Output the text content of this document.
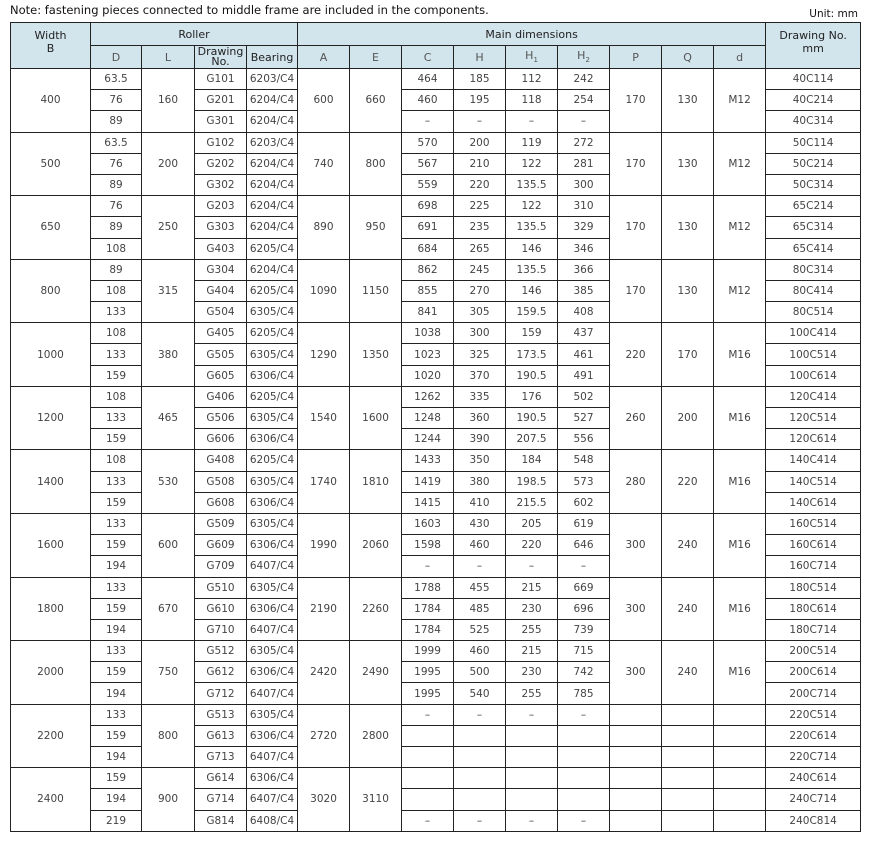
Note: fastening pieces connected to middle frame are included in the components.	Unit: mm
Width
B	Roller				Main dimensions									Drawing No.
mm
	D	L	Drawing No.	Bearing	A	E	C	H	$H_1$	$H_2$	P	Q	d	
400	63.5	160	G101	6203/C4	600	660	464	185	112	242	170	130	M12	40C114
	76		G201	6204/C4			460	195	118	254				40C214
	89		G301	6204/C4			–	–	–	–				40C314
500	63.5	200	G102	6203/C4	740	800	570	200	119	272	170	130	M12	50C114
	76		G202	6204/C4			567	210	122	281				50C214
	89		G302	6204/C4			559	220	135.5	300				50C314
650	76	250	G203	6204/C4	890	950	698	225	122	310	170	130	M12	65C214
	89		G303	6204/C4			691	235	135.5	329				65C314
	108		G403	6205/C4			684	265	146	346				65C414
800	89	315	G304	6204/C4	1090	1150	862	245	135.5	366	170	130	M12	80C314
	108		G404	6205/C4			855	270	146	385				80C414
	133		G504	6305/C4			841	305	159.5	408				80C514
1000	108	380	G405	6205/C4	1290	1350	1038	300	159	437	220	170	M16	100C414
	133		G505	6305/C4			1023	325	173.5	461				100C514
	159		G605	6306/C4			1020	370	190.5	491				100C614
1200	108	465	G406	6205/C4	1540	1600	1262	335	176	502	260	200	M16	120C414
	133		G506	6305/C4			1248	360	190.5	527				120C514
	159		G606	6306/C4			1244	390	207.5	556				120C614
1400	108	530	G408	6205/C4	1740	1810	1433	350	184	548	280	220	M16	140C414
	133		G508	6305/C4			1419	380	198.5	573				140C514
	159		G608	6306/C4			1415	410	215.5	602				140C614
1600	133	600	G509	6305/C4	1990	2060	1603	430	205	619	300	240	M16	160C514
	159		G609	6306/C4			1598	460	220	646				160C614
	194		G709	6407/C4			–	–	–	–				160C714
1800	133	670	G510	6305/C4	2190	2260	1788	455	215	669	300	240	M16	180C514
	159		G610	6306/C4			1784	485	230	696				180C614
	194		G710	6407/C4			1784	525	255	739				180C714
2000	133	750	G512	6305/C4	2420	2490	1999	460	215	715	300	240	M16	200C514
	159		G612	6306/C4			1995	500	230	742				200C614
	194		G712	6407/C4			1995	540	255	785				200C714
2200	133	800	G513	6305/C4	2720	2800	–	–	–	–				220C514
	159		G613	6306/C4										220C614
	194		G713	6407/C4										220C714
2400	159	900	G614	6306/C4	3020	3110								240C614
	194		G714	6407/C4										240C714
	219		G814	6408/C4			–	–	–	–				240C814
